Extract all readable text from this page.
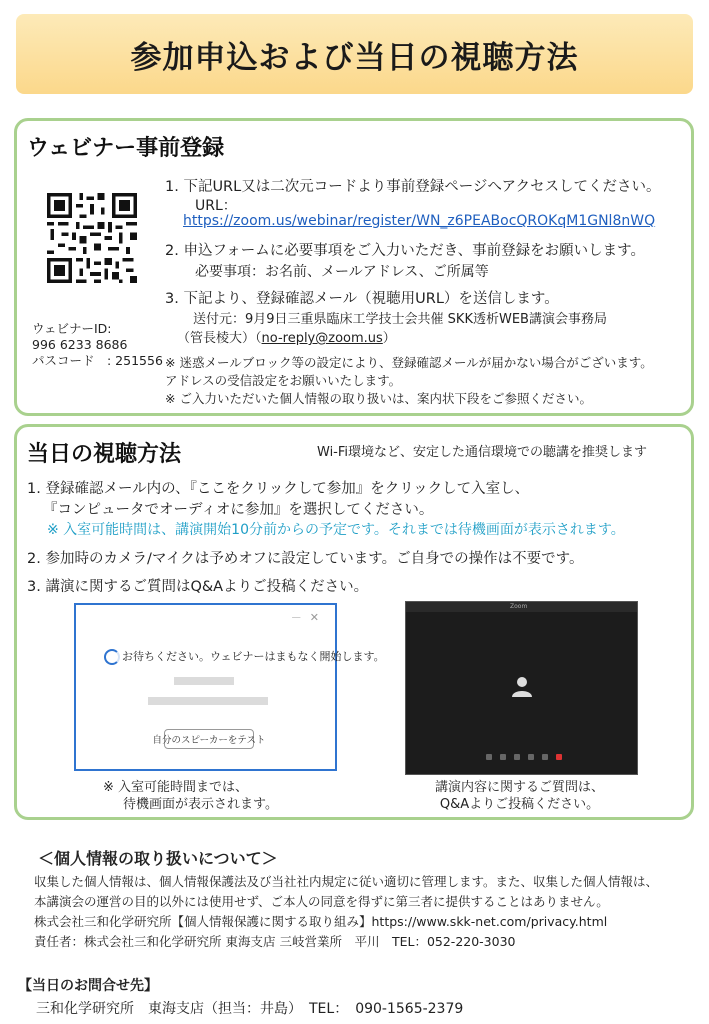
参加申込および当日の視聴方法
ウェビナー事前登録
ウェビナーID:
996 6233 8686
パスコード　: 251556
1. 下記URL又は二次元コードより事前登録ページへアクセスしてください。
URL：
https://zoom.us/webinar/register/WN_z6PEABocQROKqM1GNl8nWQ
2. 申込フォームに必要事項をご入力いただき、事前登録をお願いします。
必要事項：お名前、メールアドレス、ご所属等
3. 下記より、登録確認メール（視聴用URL）を送信します。
送付元：9月9日三重県臨床工学技士会共催 SKK透析WEB講演会事務局
（管長棱大）（no-reply@zoom.us）
※ 迷惑メールブロック等の設定により、登録確認メールが届かない場合がございます。
アドレスの受信設定をお願いいたします。
※ ご入力いただいた個人情報の取り扱いは、案内状下段をご参照ください。
当日の視聴方法	Wi-Fi環境など、安定した通信環境での聴講を推奨します
1. 登録確認メール内の、『ここをクリックして参加』をクリックして入室し、
『コンピュータでオーディオに参加』を選択してください。
※ 入室可能時間は、講演開始10分前からの予定です。それまでは待機画面が表示されます。
2. 参加時のカメラ/マイクは予めオフに設定しています。ご自身での操作は不要です。
3. 講演に関するご質問はQ&Aよりご投稿ください。
－✕
お待ちください。ウェビナーはまもなく開始します。
自分のスピーカーをテスト
Zoom
※ 入室可能時間までは、
待機画面が表示されます。
講演内容に関するご質問は、
Q&Aよりご投稿ください。
＜個人情報の取り扱いについて＞
収集した個人情報は、個人情報保護法及び当社社内規定に従い適切に管理します。また、収集した個人情報は、
本講演会の運営の目的以外には使用せず、ご本人の同意を得ずに第三者に提供することはありません。
株式会社三和化学研究所【個人情報保護に関する取り組み】https://www.skk-net.com/privacy.html
責任者：株式会社三和化学研究所 東海支店 三岐営業所　平川　TEL：052-220-3030
【当日のお問合せ先】
三和化学研究所　東海支店（担当：井島）　TEL：　090-1565-2379
